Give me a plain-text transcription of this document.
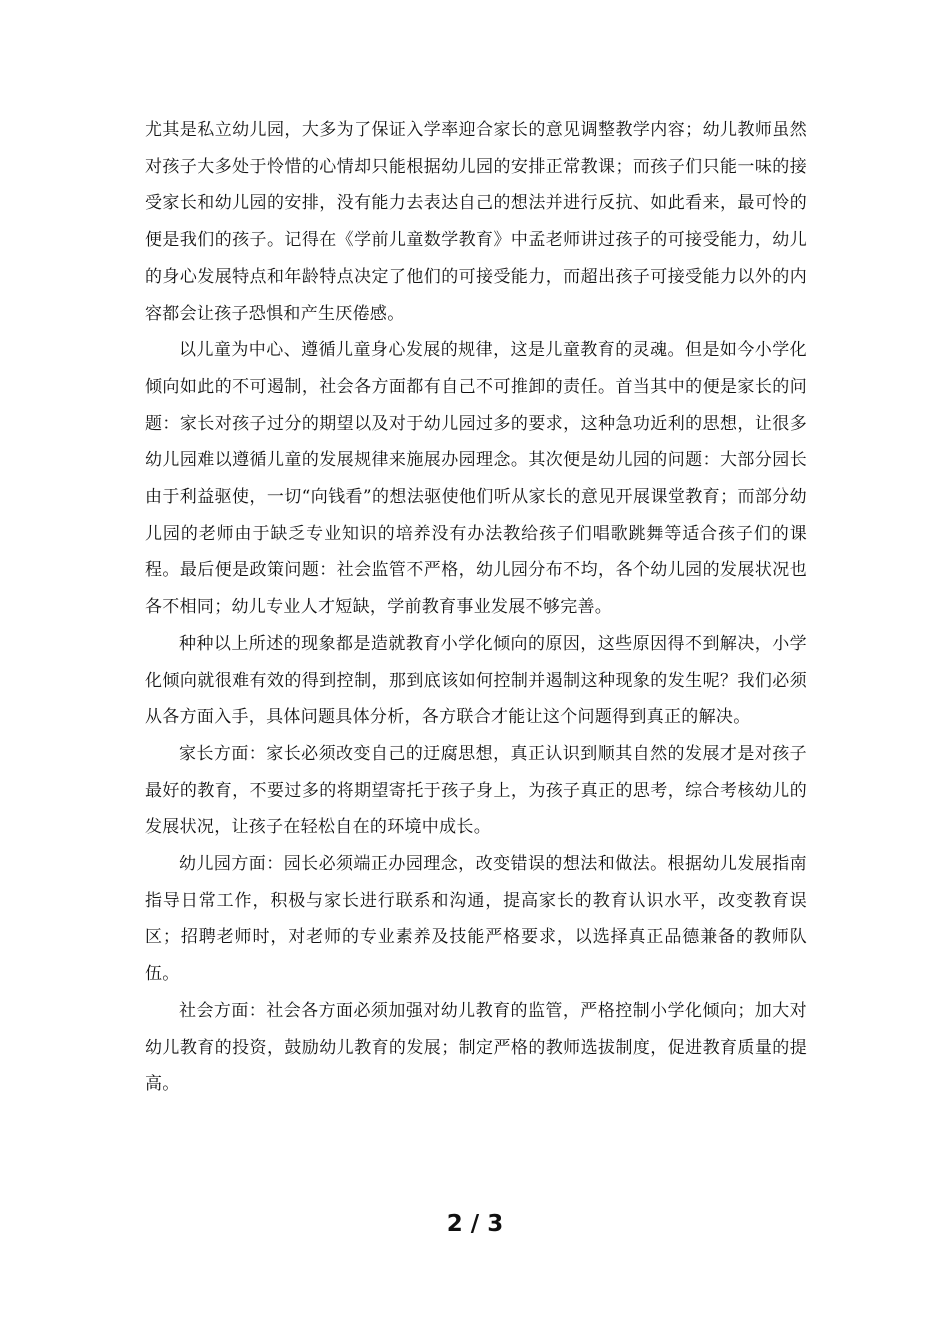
尤其是私立幼儿园，大多为了保证入学率迎合家长的意见调整教学内容；幼儿教师虽然对孩子大多处于怜惜的心情却只能根据幼儿园的安排正常教课；而孩子们只能一味的接受家长和幼儿园的安排，没有能力去表达自己的想法并进行反抗、如此看来，最可怜的便是我们的孩子。记得在《学前儿童数学教育》中孟老师讲过孩子的可接受能力，幼儿的身心发展特点和年龄特点决定了他们的可接受能力，而超出孩子可接受能力以外的内容都会让孩子恐惧和产生厌倦感。

以儿童为中心、遵循儿童身心发展的规律，这是儿童教育的灵魂。但是如今小学化倾向如此的不可遏制，社会各方面都有自己不可推卸的责任。首当其中的便是家长的问题：家长对孩子过分的期望以及对于幼儿园过多的要求，这种急功近利的思想，让很多幼儿园难以遵循儿童的发展规律来施展办园理念。其次便是幼儿园的问题：大部分园长由于利益驱使，一切“向钱看”的想法驱使他们听从家长的意见开展课堂教育；而部分幼儿园的老师由于缺乏专业知识的培养没有办法教给孩子们唱歌跳舞等适合孩子们的课程。最后便是政策问题：社会监管不严格，幼儿园分布不均，各个幼儿园的发展状况也各不相同；幼儿专业人才短缺，学前教育事业发展不够完善。

种种以上所述的现象都是造就教育小学化倾向的原因，这些原因得不到解决，小学化倾向就很难有效的得到控制，那到底该如何控制并遏制这种现象的发生呢？我们必须从各方面入手，具体问题具体分析，各方联合才能让这个问题得到真正的解决。

家长方面：家长必须改变自己的迂腐思想，真正认识到顺其自然的发展才是对孩子最好的教育，不要过多的将期望寄托于孩子身上，为孩子真正的思考，综合考核幼儿的发展状况，让孩子在轻松自在的环境中成长。

幼儿园方面：园长必须端正办园理念，改变错误的想法和做法。根据幼儿发展指南指导日常工作，积极与家长进行联系和沟通，提高家长的教育认识水平，改变教育误区；招聘老师时，对老师的专业素养及技能严格要求，以选择真正品德兼备的教师队伍。

社会方面：社会各方面必须加强对幼儿教育的监管，严格控制小学化倾向；加大对幼儿教育的投资，鼓励幼儿教育的发展；制定严格的教师选拔制度，促进教育质量的提高。

2 / 3
